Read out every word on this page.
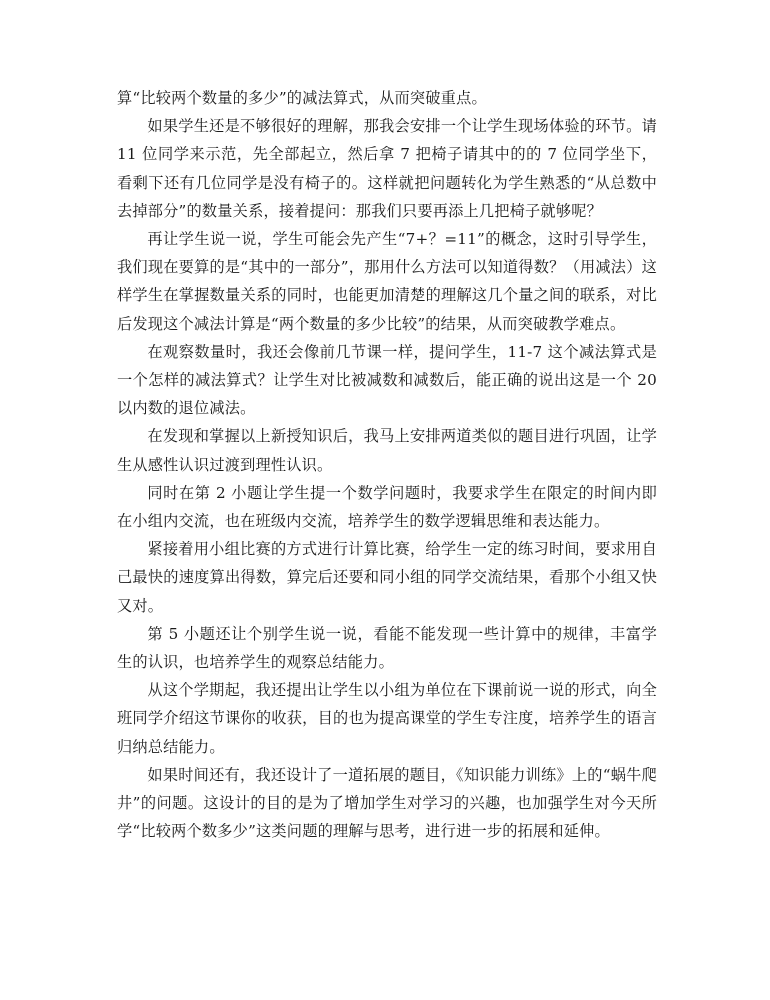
算“比较两个数量的多少”的减法算式，从而突破重点。

如果学生还是不够很好的理解，那我会安排一个让学生现场体验的环节。请 11 位同学来示范，先全部起立，然后拿 7 把椅子请其中的的 7 位同学坐下，看剩下还有几位同学是没有椅子的。这样就把问题转化为学生熟悉的“从总数中去掉部分”的数量关系，接着提问：那我们只要再添上几把椅子就够呢？

再让学生说一说，学生可能会先产生“7+？=11”的概念，这时引导学生，我们现在要算的是“其中的一部分”，那用什么方法可以知道得数？（用减法）这样学生在掌握数量关系的同时，也能更加清楚的理解这几个量之间的联系，对比后发现这个减法计算是“两个数量的多少比较”的结果，从而突破教学难点。

在观察数量时，我还会像前几节课一样，提问学生，11-7 这个减法算式是一个怎样的减法算式？让学生对比被减数和减数后，能正确的说出这是一个 20 以内数的退位减法。

在发现和掌握以上新授知识后，我马上安排两道类似的题目进行巩固，让学生从感性认识过渡到理性认识。

同时在第 2 小题让学生提一个数学问题时，我要求学生在限定的时间内即在小组内交流，也在班级内交流，培养学生的数学逻辑思维和表达能力。

紧接着用小组比赛的方式进行计算比赛，给学生一定的练习时间，要求用自己最快的速度算出得数，算完后还要和同小组的同学交流结果，看那个小组又快又对。

第 5 小题还让个别学生说一说，看能不能发现一些计算中的规律，丰富学生的认识，也培养学生的观察总结能力。

从这个学期起，我还提出让学生以小组为单位在下课前说一说的形式，向全班同学介绍这节课你的收获，目的也为提高课堂的学生专注度，培养学生的语言归纳总结能力。

如果时间还有，我还设计了一道拓展的题目，《知识能力训练》上的“蜗牛爬井”的问题。这设计的目的是为了增加学生对学习的兴趣，也加强学生对今天所学“比较两个数多少”这类问题的理解与思考，进行进一步的拓展和延伸。
